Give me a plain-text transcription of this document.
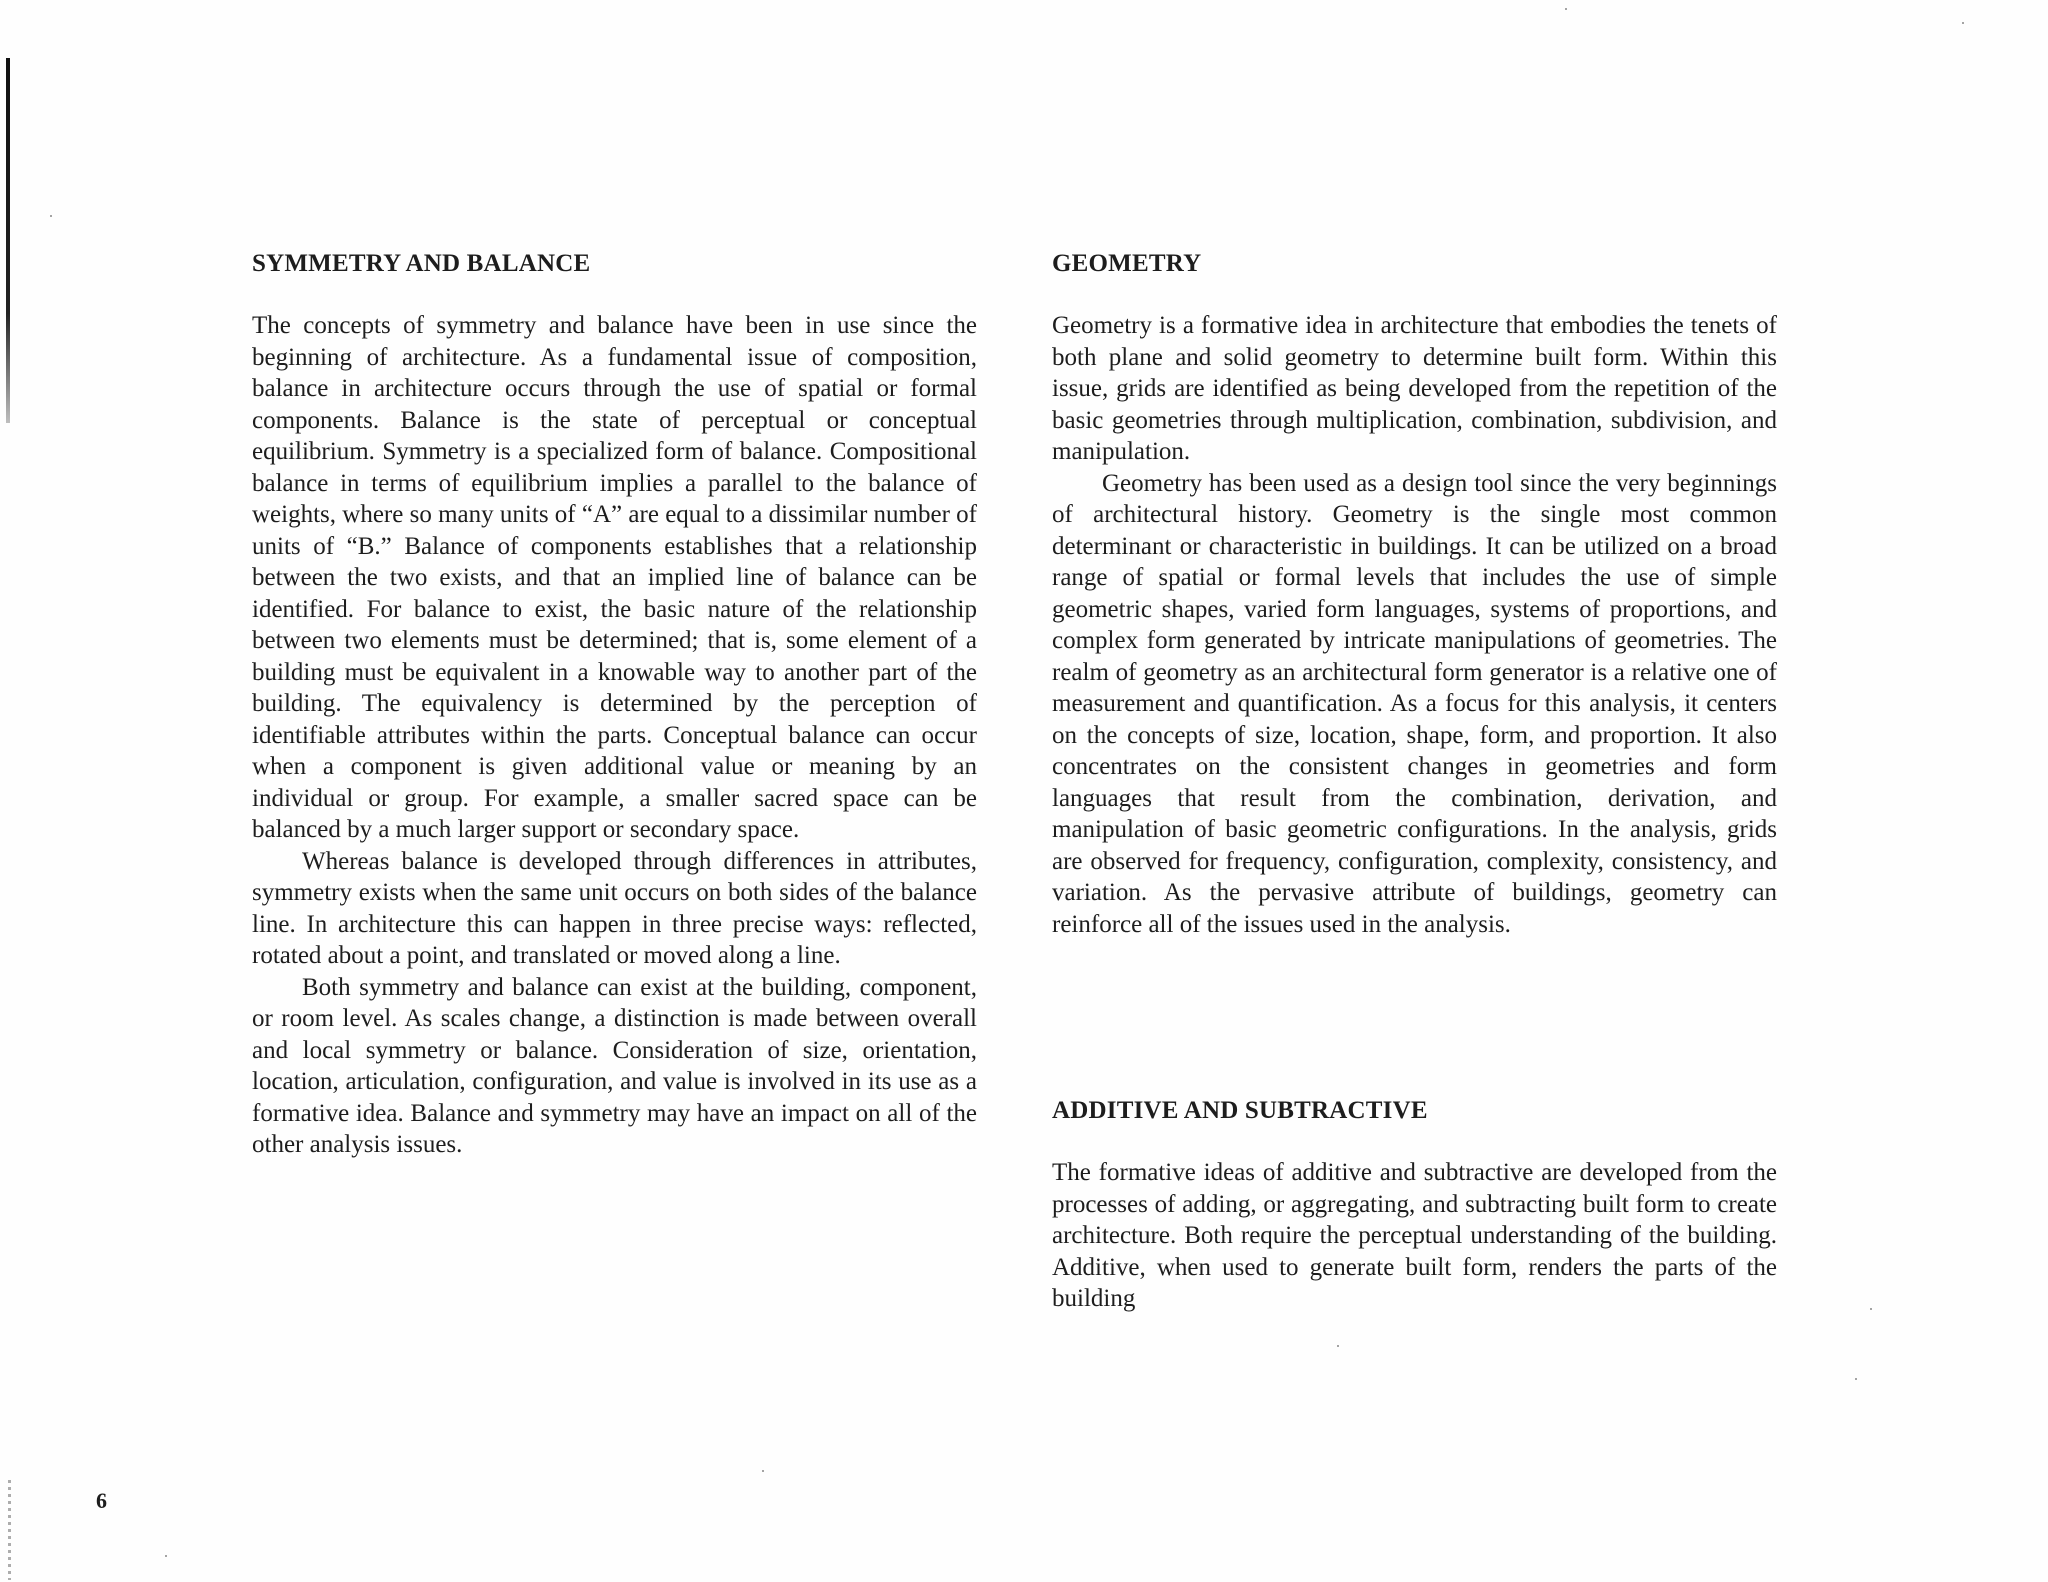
SYMMETRY AND BALANCE

The concepts of symmetry and balance have been in use since the beginning of architecture. As a fundamental issue of composition, balance in architecture occurs through the use of spatial or formal components. Balance is the state of perceptual or conceptual equilibrium. Symmetry is a specialized form of balance. Compositional balance in terms of equilibrium implies a parallel to the balance of weights, where so many units of “A” are equal to a dissimilar number of units of “B.” Balance of components establishes that a relationship between the two exists, and that an implied line of balance can be identified. For balance to exist, the basic nature of the relationship between two elements must be determined; that is, some element of a building must be equivalent in a knowable way to another part of the building. The equivalency is determined by the perception of identifiable attributes within the parts. Conceptual balance can occur when a component is given additional value or meaning by an individual or group. For example, a smaller sacred space can be balanced by a much larger support or secondary space.

Whereas balance is developed through differences in attributes, symmetry exists when the same unit occurs on both sides of the balance line. In architecture this can happen in three precise ways: reflected, rotated about a point, and translated or moved along a line.

Both symmetry and balance can exist at the building, component, or room level. As scales change, a distinction is made between overall and local symmetry or balance. Consideration of size, orientation, location, articulation, configuration, and value is involved in its use as a formative idea. Balance and symmetry may have an impact on all of the other analysis issues.

GEOMETRY

Geometry is a formative idea in architecture that embodies the tenets of both plane and solid geometry to determine built form. Within this issue, grids are identified as being developed from the repetition of the basic geometries through multiplication, combination, subdivision, and manipulation.

Geometry has been used as a design tool since the very beginnings of architectural history. Geometry is the single most common determinant or characteristic in buildings. It can be utilized on a broad range of spatial or formal levels that includes the use of simple geometric shapes, varied form languages, systems of proportions, and complex form generated by intricate manipulations of geometries. The realm of geometry as an architectural form generator is a relative one of measurement and quantification. As a focus for this analysis, it centers on the concepts of size, location, shape, form, and proportion. It also concentrates on the consistent changes in geometries and form languages that result from the combination, derivation, and manipulation of basic geometric configurations. In the analysis, grids are observed for frequency, configuration, complexity, consistency, and variation. As the pervasive attribute of buildings, geometry can reinforce all of the issues used in the analysis.

ADDITIVE AND SUBTRACTIVE

The formative ideas of additive and subtractive are developed from the processes of adding, or aggregating, and subtracting built form to create architecture. Both require the perceptual understanding of the building. Additive, when used to generate built form, renders the parts of the building

6
